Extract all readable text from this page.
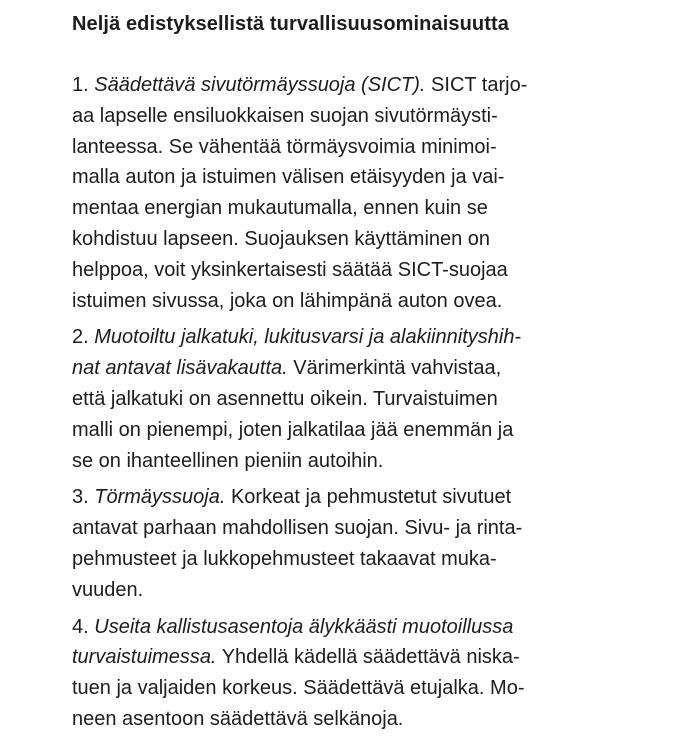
Neljä edistyksellistä turvallisuusominaisuutta
1. Säädettävä sivutörmäyssuoja (SICT). SICT tarjo-
aa lapselle ensiluokkaisen suojan sivutörmäysti-
lanteessa. Se vähentää törmäysvoimia minimoi-
malla auton ja istuimen välisen etäisyyden ja vai-
mentaa energian mukautumalla, ennen kuin se
kohdistuu lapseen. Suojauksen käyttäminen on
helppoa, voit yksinkertaisesti säätää SICT-suojaa
istuimen sivussa, joka on lähimpänä auton ovea.
2. Muotoiltu jalkatuki, lukitusvarsi ja alakiinnityshih-
nat antavat lisävakautta. Värimerkintä vahvistaa,
että jalkatuki on asennettu oikein. Turvaistuimen
malli on pienempi, joten jalkatilaa jää enemmän ja
se on ihanteellinen pieniin autoihin.
3. Törmäyssuoja. Korkeat ja pehmustetut sivutuet
antavat parhaan mahdollisen suojan. Sivu- ja rinta-
pehmusteet ja lukkopehmusteet takaavat muka-
vuuden.
4. Useita kallistusasentoja älykkäästi muotoillussa
turvaistuimessa. Yhdellä kädellä säädettävä niska-
tuen ja valjaiden korkeus. Säädettävä etujalka. Mo-
neen asentoon säädettävä selkänoja.
